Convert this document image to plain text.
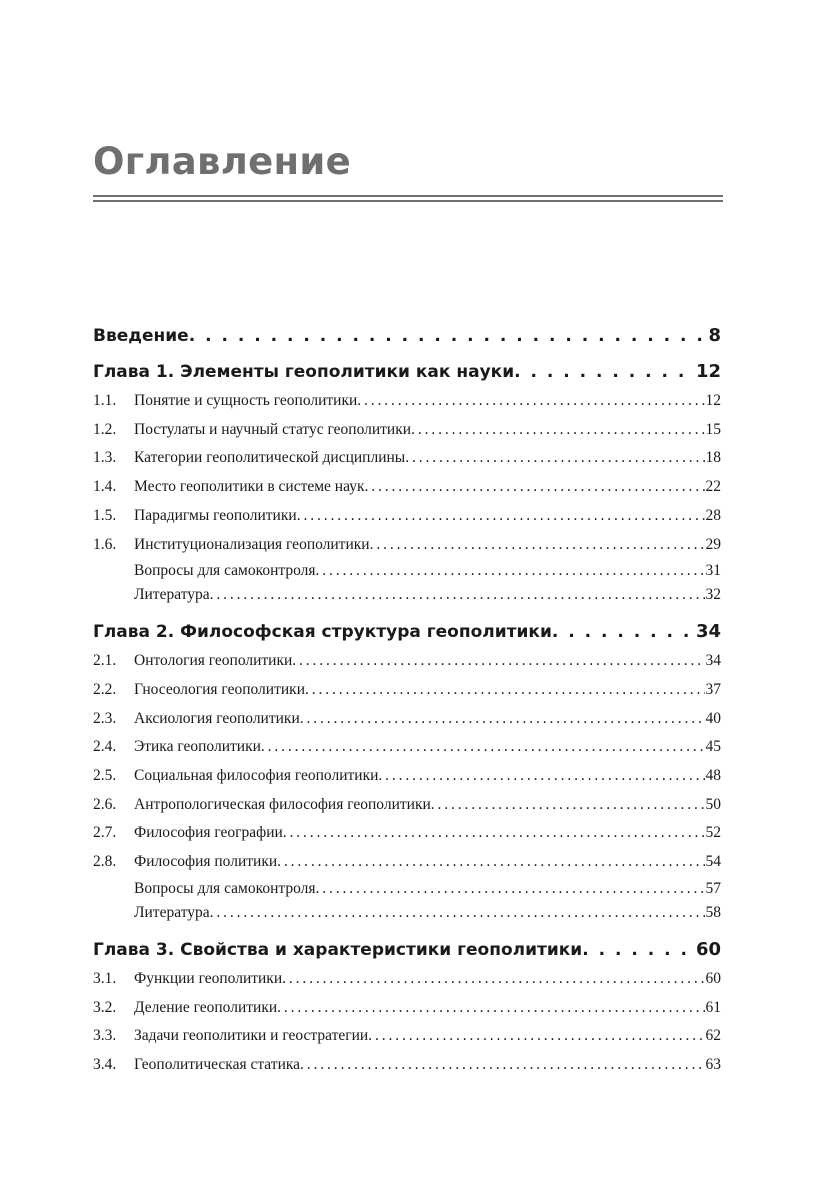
Оглавление
Введение . . .	8
Глава 1. Элементы геополитики как науки . . .	12
1.1.	Понятие и сущность геополитики . . .	12
1.2.	Постулаты и научный статус геополитики . . .	15
1.3.	Категории геополитической дисциплины . . .	18
1.4.	Место геополитики в системе наук . . .	22
1.5.	Парадигмы геополитики . . .	28
1.6.	Институционализация геополитики . . .	29
Вопросы для самоконтроля . . .	31
Литература . . .	32
Глава 2. Философская структура геополитики . . .	34
2.1.	Онтология геополитики . . .	34
2.2.	Гносеология геополитики . . .	37
2.3.	Аксиология геополитики . . .	40
2.4.	Этика геополитики . . .	45
2.5.	Социальная философия геополитики . . .	48
2.6.	Антропологическая философия геополитики . . .	50
2.7.	Философия географии . . .	52
2.8.	Философия политики . . .	54
Вопросы для самоконтроля . . .	57
Литература . . .	58
Глава 3. Свойства и характеристики геополитики . . .	60
3.1.	Функции геополитики . . .	60
3.2.	Деление геополитики . . .	61
3.3.	Задачи геополитики и геостратегии . . .	62
3.4.	Геополитическая статика . . .	63
